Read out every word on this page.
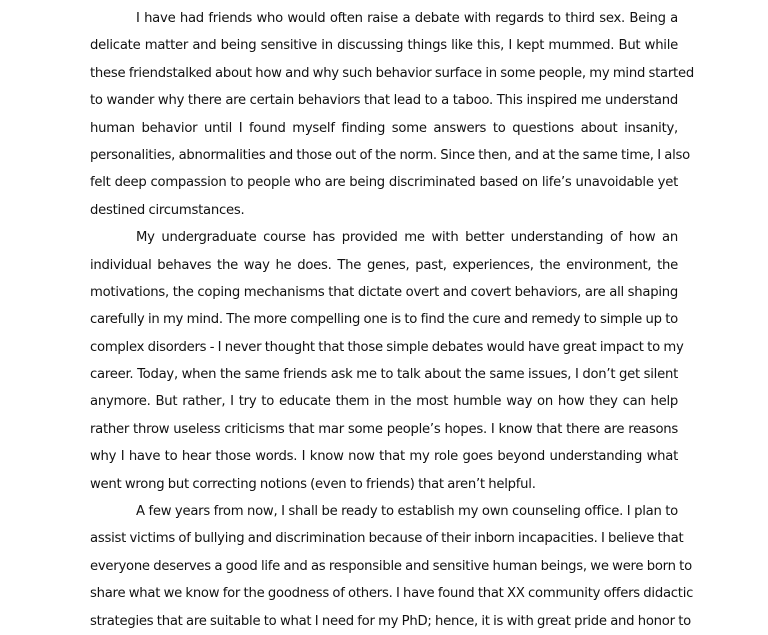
I have had friends who would often raise a debate with regards to third sex. Being a
delicate matter and being sensitive in discussing things like this, I kept mummed. But while
these friendstalked about how and why such behavior surface in some people, my mind started
to wander why there are certain behaviors that lead to a taboo. This inspired me understand
human behavior until I found myself finding some answers to questions about insanity,
personalities, abnormalities and those out of the norm. Since then, and at the same time, I also
felt deep compassion to people who are being discriminated based on life’s unavoidable yet
destined circumstances.
My undergraduate course has provided me with better understanding of how an
individual behaves the way he does. The genes, past, experiences, the environment, the
motivations, the coping mechanisms that dictate overt and covert behaviors, are all shaping
carefully in my mind. The more compelling one is to find the cure and remedy to simple up to
complex disorders - I never thought that those simple debates would have great impact to my
career. Today, when the same friends ask me to talk about the same issues, I don’t get silent
anymore. But rather, I try to educate them in the most humble way on how they can help
rather throw useless criticisms that mar some people’s hopes. I know that there are reasons
why I have to hear those words. I know now that my role goes beyond understanding what
went wrong but correcting notions (even to friends) that aren’t helpful.
A few years from now, I shall be ready to establish my own counseling office. I plan to
assist victims of bullying and discrimination because of their inborn incapacities. I believe that
everyone deserves a good life and as responsible and sensitive human beings, we were born to
share what we know for the goodness of others. I have found that XX community offers didactic
strategies that are suitable to what I need for my PhD; hence, it is with great pride and honor to
